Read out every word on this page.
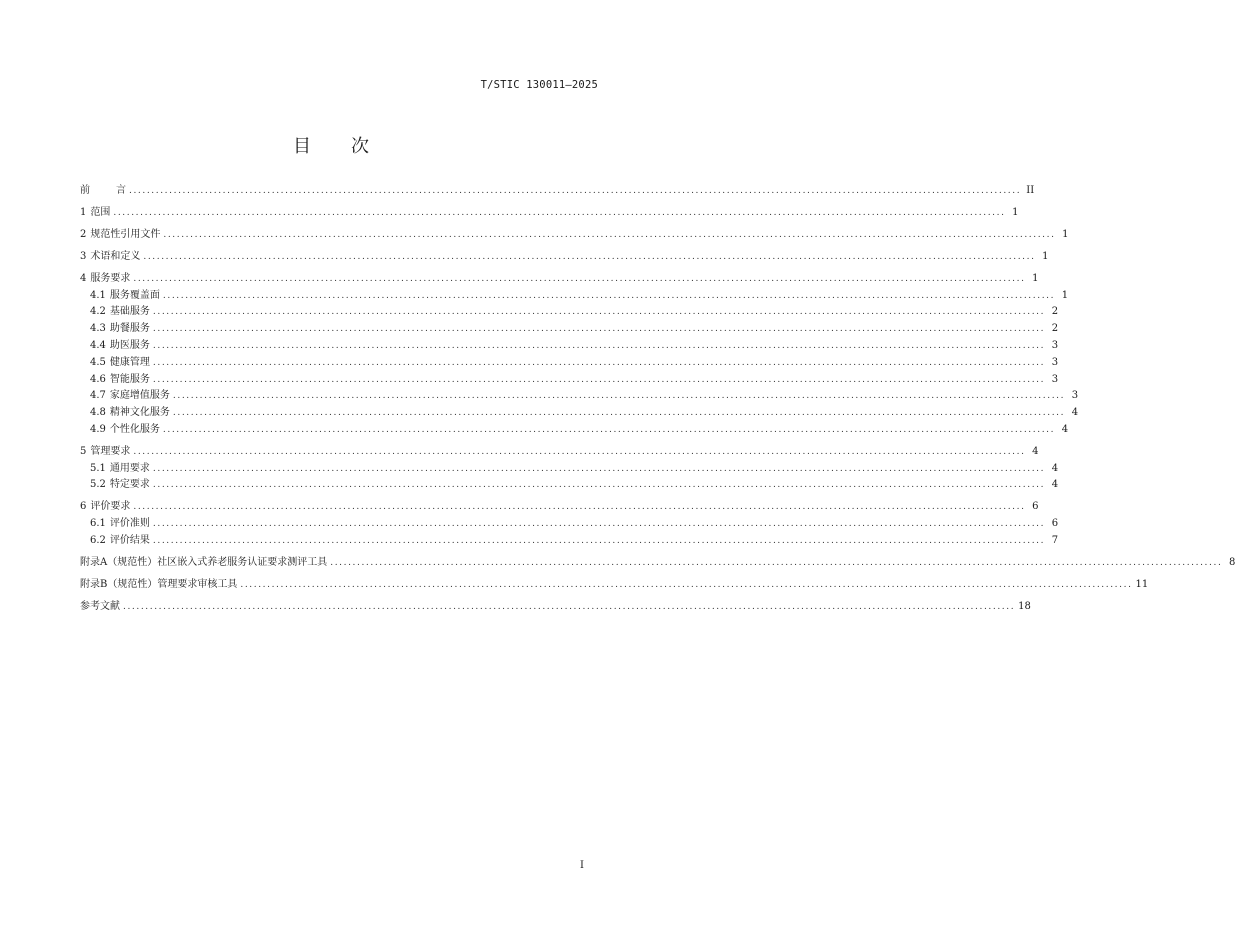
T/STIC 130011—2025
目 次
前	言 ........................................................................................................................................................................................................ II
1 范围 ........................................................................................................................................................................................................ 1
2 规范性引用文件 ........................................................................................................................................................................................................ 1
3 术语和定义 ........................................................................................................................................................................................................ 1
4 服务要求 ........................................................................................................................................................................................................ 1
4.1 服务覆盖面 ........................................................................................................................................................................................................ 1
4.2 基础服务 ........................................................................................................................................................................................................ 2
4.3 助餐服务 ........................................................................................................................................................................................................ 2
4.4 助医服务 ........................................................................................................................................................................................................ 3
4.5 健康管理 ........................................................................................................................................................................................................ 3
4.6 智能服务 ........................................................................................................................................................................................................ 3
4.7 家庭增值服务 ........................................................................................................................................................................................................ 3
4.8 精神文化服务 ........................................................................................................................................................................................................ 4
4.9 个性化服务 ........................................................................................................................................................................................................ 4
5 管理要求 ........................................................................................................................................................................................................ 4
5.1 通用要求 ........................................................................................................................................................................................................ 4
5.2 特定要求 ........................................................................................................................................................................................................ 4
6 评价要求 ........................................................................................................................................................................................................ 6
6.1 评价准则 ........................................................................................................................................................................................................ 6
6.2 评价结果 ........................................................................................................................................................................................................ 7
附录A（规范性）社区嵌入式养老服务认证要求测评工具 ........................................................................................................................................................................................................ 8
附录B（规范性）管理要求审核工具 ........................................................................................................................................................................................................ 11
参考文献 ........................................................................................................................................................................................................ 18
I
